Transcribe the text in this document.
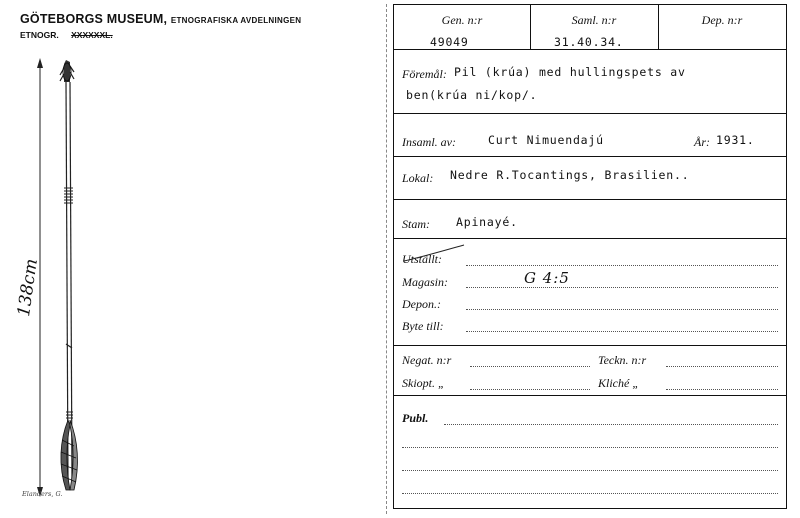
GÖTEBORGS MUSEUM, ETNOGRAFISKA AVDELNINGEN
ETNOGR. XXXXXXL.
138cm
Elanders, G.
Gen. n:r
49049
Saml. n:r
31.40.34.
Dep. n:r
Föremål: Pil (krúa) med hullingspets av
ben(krúa ni/kop/.
Insaml. av:	Curt Nimuendajú	År: 1931.
Lokal: Nedre R.Tocantings, Brasilien..
Stam: Apinayé.
Utställt:
Magasin:	G 4:5
Depon.:
Byte till:
Negat. n:r	Teckn. n:r
Skiopt. „	Kliché „
Publ.
